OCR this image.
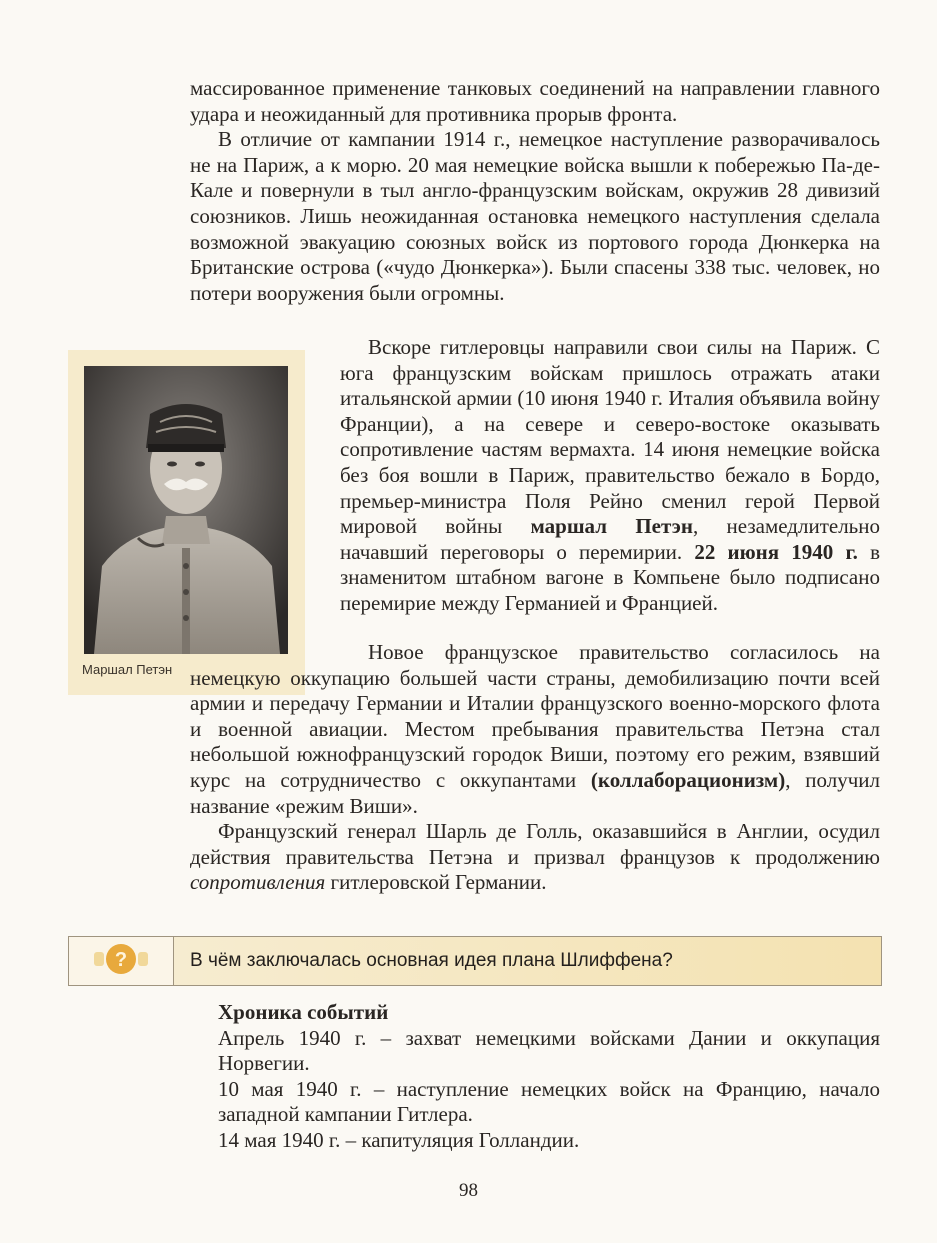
массированное применение танковых соединений на направлении главного удара и неожиданный для противника прорыв фронта.

В отличие от кампании 1914 г., немецкое наступление разворачивалось не на Париж, а к морю. 20 мая немецкие войска вышли к побережью Па-де-Кале и повернули в тыл англо-французским войскам, окружив 28 дивизий союзников. Лишь неожиданная остановка немецкого наступления сделала возможной эвакуацию союзных войск из портового города Дюнкерка на Британские острова («чудо Дюнкерка»). Были спасены 338 тыс. человек, но потери вооружения были огромны.

Маршал Петэн

Вскоре гитлеровцы направили свои силы на Париж. С юга французским войскам пришлось отражать атаки итальянской армии (10 июня 1940 г. Италия объявила войну Франции), а на севере и северо-востоке оказывать сопротивление частям вермахта. 14 июня немецкие войска без боя вошли в Париж, правительство бежало в Бордо, премьер-министра Поля Рейно сменил герой Первой мировой войны маршал Петэн, незамедлительно начавший переговоры о перемирии. 22 июня 1940 г. в знаменитом штабном вагоне в Компьене было подписано перемирие между Германией и Францией.

Новое французское правительство согласилось на немецкую оккупацию большей части страны, демобилизацию почти всей армии и передачу Германии и Италии французского военно-морского флота и военной авиации. Местом пребывания правительства Петэна стал небольшой южнофранцузский городок Виши, поэтому его режим, взявший курс на сотрудничество с оккупантами (коллаборационизм), получил название «режим Виши».

Французский генерал Шарль де Голль, оказавшийся в Англии, осудил действия правительства Петэна и призвал французов к продолжению сопротивления гитлеровской Германии.

?	В чём заключалась основная идея плана Шлиффена?

Хроника событий

Апрель 1940 г. – захват немецкими войсками Дании и оккупация Норвегии.

10 мая 1940 г. – наступление немецких войск на Францию, начало западной кампании Гитлера.

14 мая 1940 г. – капитуляция Голландии.

98
